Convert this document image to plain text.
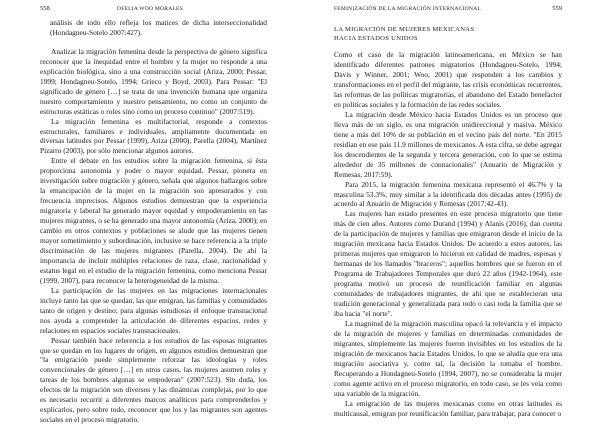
558	OFELIA WOO MORALES

análisis de todo ello refleja los matices de dicha interseccionalidad (Hondagneu-Sotelo 2007:427).

Analizar la migración femenina desde la perspectiva de género significa reconocer que la inequidad entre el hombre y la mujer no responde a una explicación biológica, sino a una construcción social (Ariza, 2000; Pessar, 1999; Hondagneu-Sotelo, 1994; Grieco y Boyd, 2003). Para Pessar: "El significado de género […] se trata de una invención humana que organiza nuestro comportamiento y nuestro pensamiento, no como un conjunto de estructuras estáticas o roles sino como un proceso continuo" (2007:519).

La migración femenina es multifactorial, responde a contextos estructurales, familiares e individuales, ampliamente documentada en diversas latitudes por Pessar (1999), Ariza (2000), Parella (2004), Martínez Pizarro (2003), por sólo mencionar algunos autores.

Entre el debate en los estudios sobre la migración femenina, si ésta proporciona autonomía y poder o mayor equidad. Pessar, pionera en investigación sobre migración y género, señala que algunos hallazgos sobre la emancipación de la mujer en la migración son apresurados y con frecuencia imprecisos. Algunos estudios demuestran que la experiencia migratoria y laboral ha generado mayor equidad y empoderamiento en las mujeres migrantes, o se ha generado una mayor autonomía (Ariza, 2000); en cambio en otros contextos y poblaciones se alude que las mujeres tienen mayor sometimiento y subordinación, inclusive se hace referencia a la triple discriminación de las mujeres migrantes (Parella, 2004). De ahí la importancia de incluir múltiples relaciones de raza, clase, nacionalidad y estatus legal en el estudio de la migración femenina, como menciona Pessar (1999, 2007), para reconocer la heterogeneidad de la misma.

La participación de las mujeres en las migraciones internacionales incluye tanto las que se quedan, las que emigran, las familias y comunidades tanto de origen y destino; para algunas estudiosas el enfoque transnacional nos ayuda a comprender la articulación de diferentes espacios, redes y relaciones en espacios sociales transnacionales.

Pessar también hace referencia a los estudios de las esposas migrantes que se quedan en los lugares de origen, en algunos estudios demuestran que "la emigración puede simplemente reforzar las ideologías y roles convencionales de género […] en otros casos, las mujeres asumen roles y tareas de los hombres algunas se empoderan" (2007:523). Sin duda, los efectos de la migración son diversos y las dinámicas complejas, por lo que es necesario recurrir a diferentes marcos analíticos para comprenderlos y explicarlos, pero sobre todo, reconocer que los y las migrantes son agentes sociales en el proceso migratorio.

FEMINIZACIÓN DE LA MIGRACIÓN INTERNACIONAL	559
LA MIGRACIÓN DE MUJERES MEXICANAS
HACIA ESTADOS UNIDOS

Como el caso de la migración latinoamericana, en México se han identificado diferentes patrones migratorios (Hondagneu-Sotelo, 1994; Davis y Winner, 2001; Woo, 2001) que responden a los cambios y transformaciones en el perfil del migrante, las crisis económicas recurrentes, las reformas de las políticas migratorias, el abandono del Estado benefactor en políticas sociales y la formación de las redes sociales.

La migración desde México hacia Estados Unidos es un proceso que lleva más de un siglo, es una migración unidireccional y masiva. México tiene a más del 10% de su población en el vecino país del norte. "En 2015 residían en ese país 11.9 millones de mexicanos. A esta cifra, se debe agregar los descendientes de la segunda y tercera generación, con lo que se estima alrededor de 35 millones de connacionales" (Anuario de Migración y Remesas, 2017:59).

Para 2015, la migración femenina mexicana representó el 46.7% y la masculina 53.3%, muy similar a la identificada dos décadas antes (1995) de acuerdo al Anuario de Migración y Remesas (2017:42-43).

Las mujeres han estado presentes en este proceso migratorio que tiene más de cien años. Autores como Durand (1994) y Alanís (2016), dan cuenta de la participación de mujeres y familias que emigraron desde el inicio de la migración mexicana hacia Estados Unidos. De acuerdo a estos autores, las primeras mujeres que emigraron lo hicieron en calidad de madres, esposas y hermanas de los llamados "braceros"; aquellos hombres que se fueron en el Programa de Trabajadores Temporales que duró 22 años (1942-1964), este programa motivó un proceso de reunificación familiar en algunas comunidades de trabajadores migrantes, de ahí que se establecieran una tradición generacional y generalizada para todo o casi toda la familia que se iba hacia "el norte".

La magnitud de la migración masculina opacó la relevancia y el impacto de la migración de mujeres y familias en determinadas comunidades de migrantes, simplemente las mujeres fueron invisibles en los estudios de la migración de mexicanos hacia Estados Unidos, lo que se aludía que era una migración asociativa y, como tal, la decisión la tomaba el hombre. Recuperando a Hondagneu-Sotelo (1994, 2007), no se consideraba la mujer como agente activo en el proceso migratorio, en todo caso, se les veía como una variable de la migración.

La emigración de las mujeres mexicanas como en otras latitudes es multicausal, emigran por reunificación familiar, para trabajar, para conocer o
